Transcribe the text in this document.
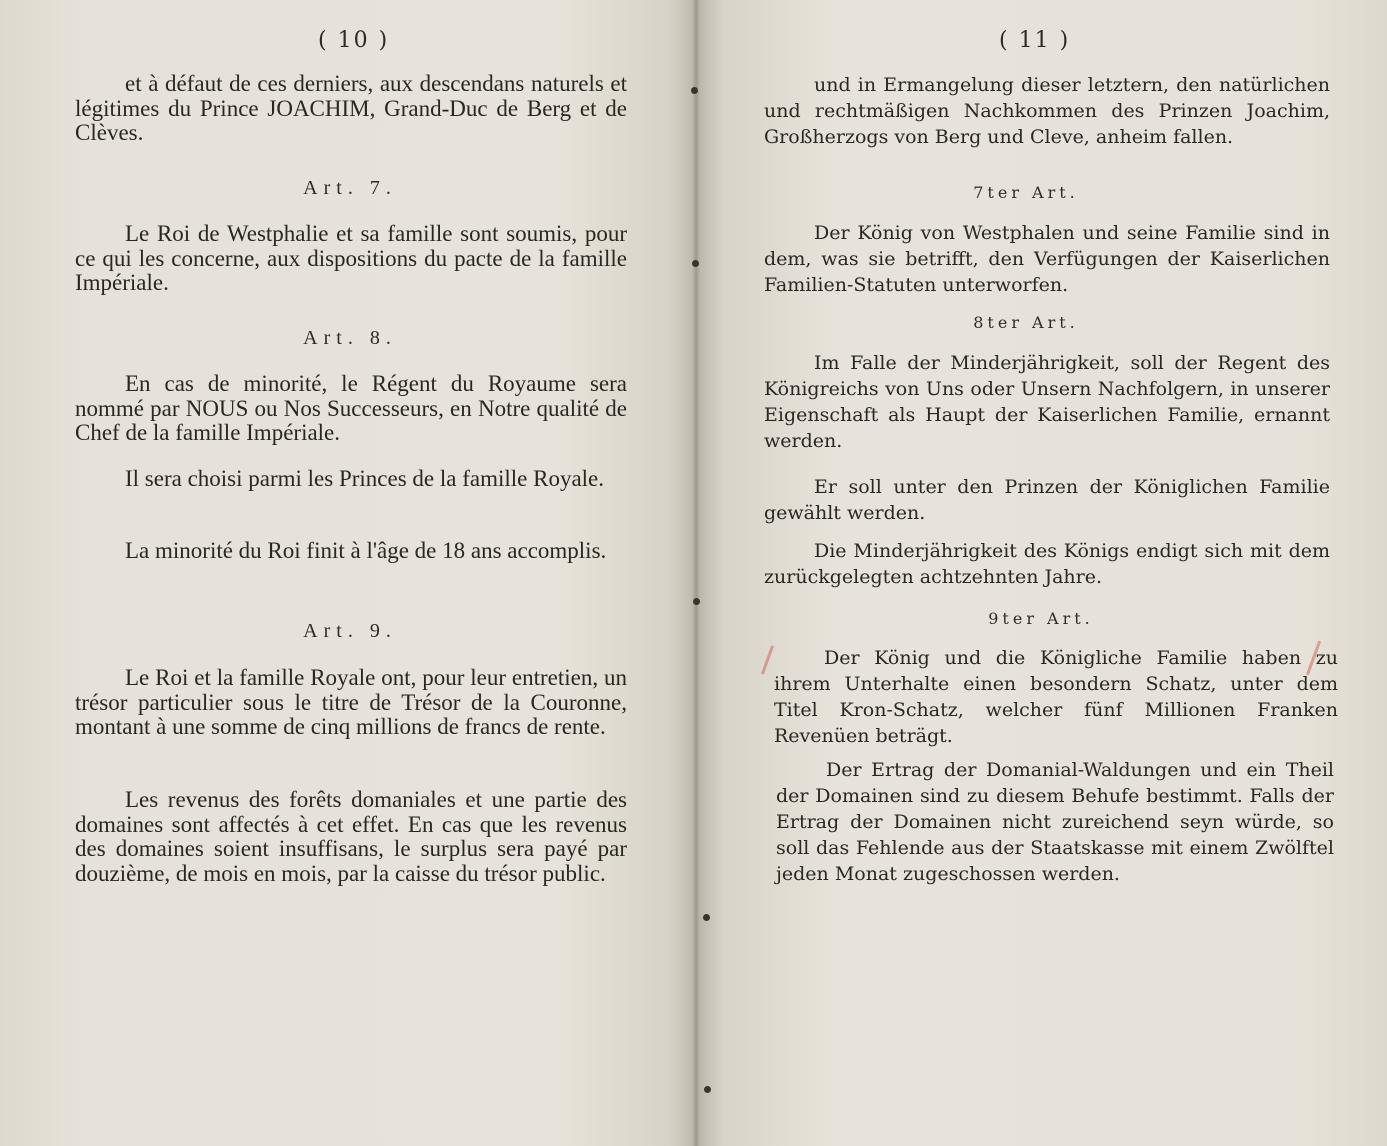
( 10 )

et à défaut de ces derniers, aux descendans naturels et légitimes du Prince JOACHIM, Grand-Duc de Berg et de Clèves.

Art. 7.

Le Roi de Westphalie et sa famille sont soumis, pour ce qui les concerne, aux dispositions du pacte de la famille Impériale.

Art. 8.

En cas de minorité, le Régent du Royaume sera nommé par NOUS ou Nos Successeurs, en Notre qualité de Chef de la famille Impériale.

Il sera choisi parmi les Princes de la famille Royale.

La minorité du Roi finit à l'âge de 18 ans accomplis.

Art. 9.

Le Roi et la famille Royale ont, pour leur entretien, un trésor particulier sous le titre de Trésor de la Couronne, montant à une somme de cinq millions de francs de rente.

Les revenus des forêts domaniales et une partie des domaines sont affectés à cet effet. En cas que les revenus des domaines soient insuffisans, le surplus sera payé par douzième, de mois en mois, par la caisse du trésor public.

( 11 )

und in Ermangelung dieser letztern, den natürlichen und rechtmäßigen Nachkommen des Prinzen Joachim, Großherzogs von Berg und Cleve, anheim fallen.

7ter Art.

Der König von Westphalen und seine Familie sind in dem, was sie betrifft, den Verfügungen der Kaiserlichen Familien-Statuten unterworfen.

8ter Art.

Im Falle der Minderjährigkeit, soll der Regent des Königreichs von Uns oder Unsern Nachfolgern, in unserer Eigenschaft als Haupt der Kaiserlichen Familie, ernannt werden.

Er soll unter den Prinzen der Königlichen Familie gewählt werden.

Die Minderjährigkeit des Königs endigt sich mit dem zurückgelegten achtzehnten Jahre.

9ter Art.

Der König und die Königliche Familie haben zu ihrem Unterhalte einen besondern Schatz, unter dem Titel Kron-Schatz, welcher fünf Millionen Franken Revenüen beträgt.

Der Ertrag der Domanial-Waldungen und ein Theil der Domainen sind zu diesem Behufe bestimmt. Falls der Ertrag der Domainen nicht zureichend seyn würde, so soll das Fehlende aus der Staatskasse mit einem Zwölftel jeden Monat zugeschossen werden.
